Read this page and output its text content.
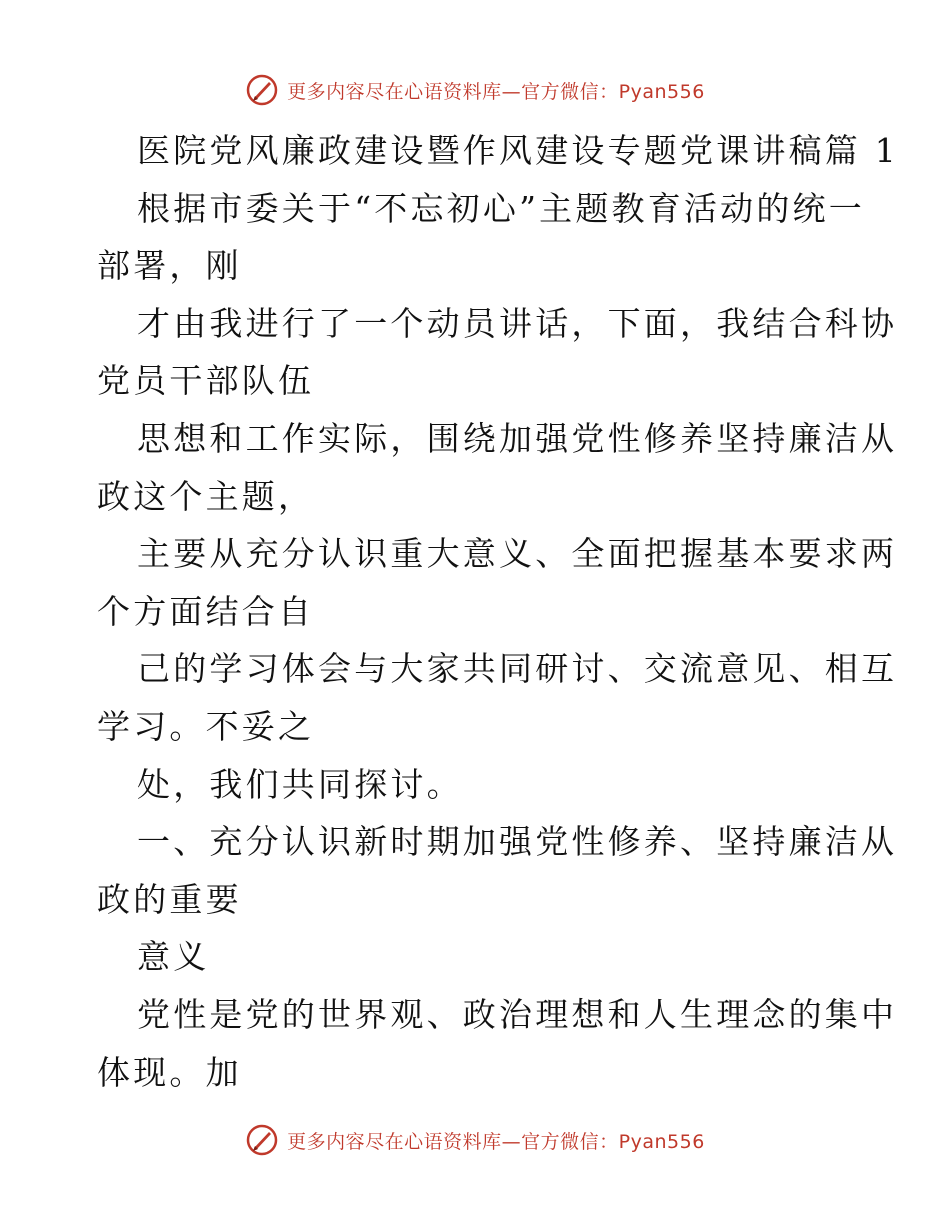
更多内容尽在心语资料库—官方微信：Pyan556
医院党风廉政建设暨作风建设专题党课讲稿篇 1
根据市委关于“不忘初心”主题教育活动的统一
部署，刚
才由我进行了一个动员讲话，下面，我结合科协
党员干部队伍
思想和工作实际，围绕加强党性修养坚持廉洁从
政这个主题，
主要从充分认识重大意义、全面把握基本要求两
个方面结合自
己的学习体会与大家共同研讨、交流意见、相互
学习。不妥之
处，我们共同探讨。
一、充分认识新时期加强党性修养、坚持廉洁从
政的重要
意义
党性是党的世界观、政治理想和人生理念的集中
体现。加
更多内容尽在心语资料库—官方微信：Pyan556
